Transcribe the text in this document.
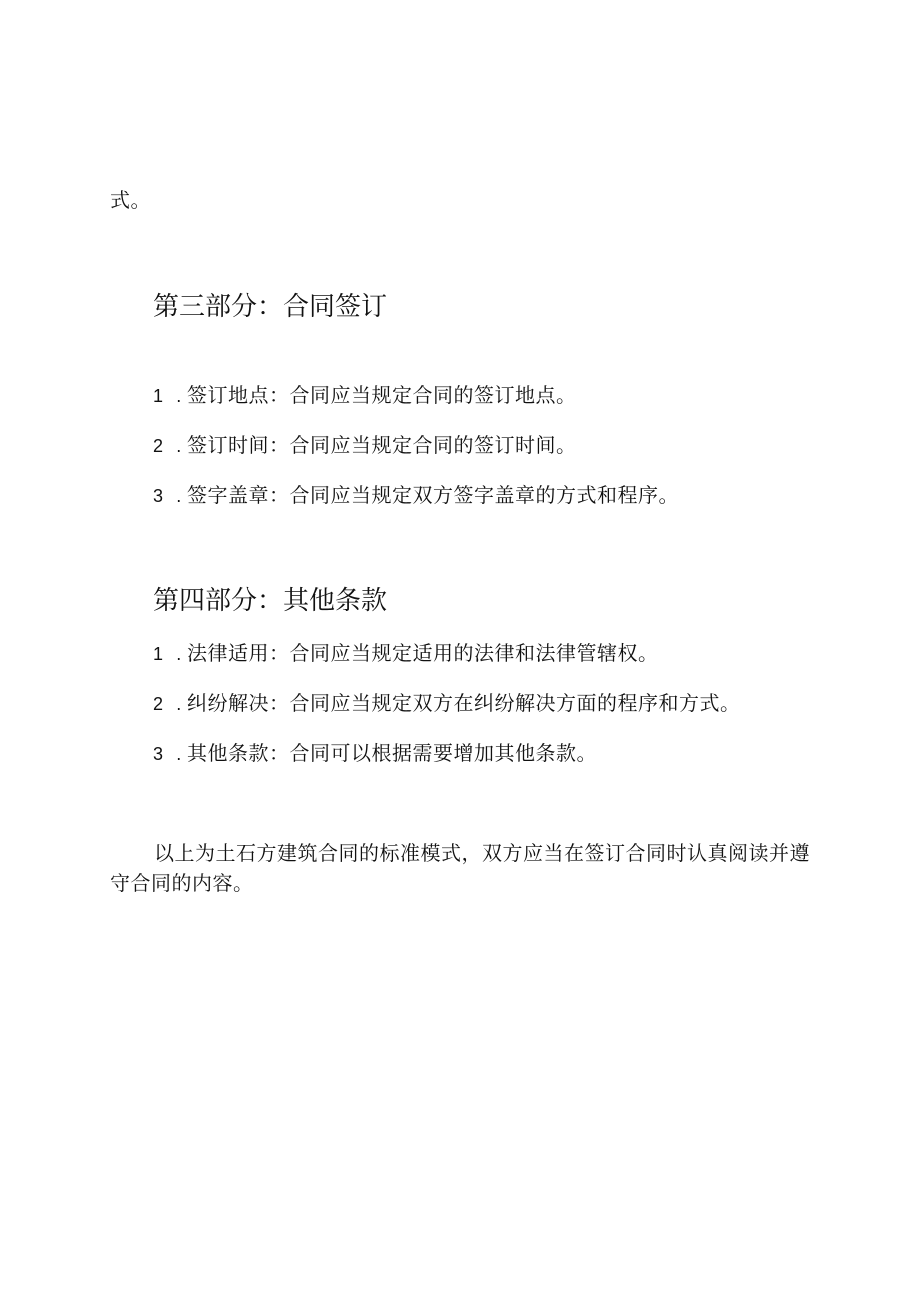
式。
第三部分：合同签订
1 . 签订地点：合同应当规定合同的签订地点。
2 . 签订时间：合同应当规定合同的签订时间。
3 . 签字盖章：合同应当规定双方签字盖章的方式和程序。
第四部分：其他条款
1 . 法律适用：合同应当规定适用的法律和法律管辖权。
2 . 纠纷解决：合同应当规定双方在纠纷解决方面的程序和方式。
3 . 其他条款：合同可以根据需要增加其他条款。
以上为土石方建筑合同的标准模式，双方应当在签订合同时认真阅读并遵守合同的内容。
